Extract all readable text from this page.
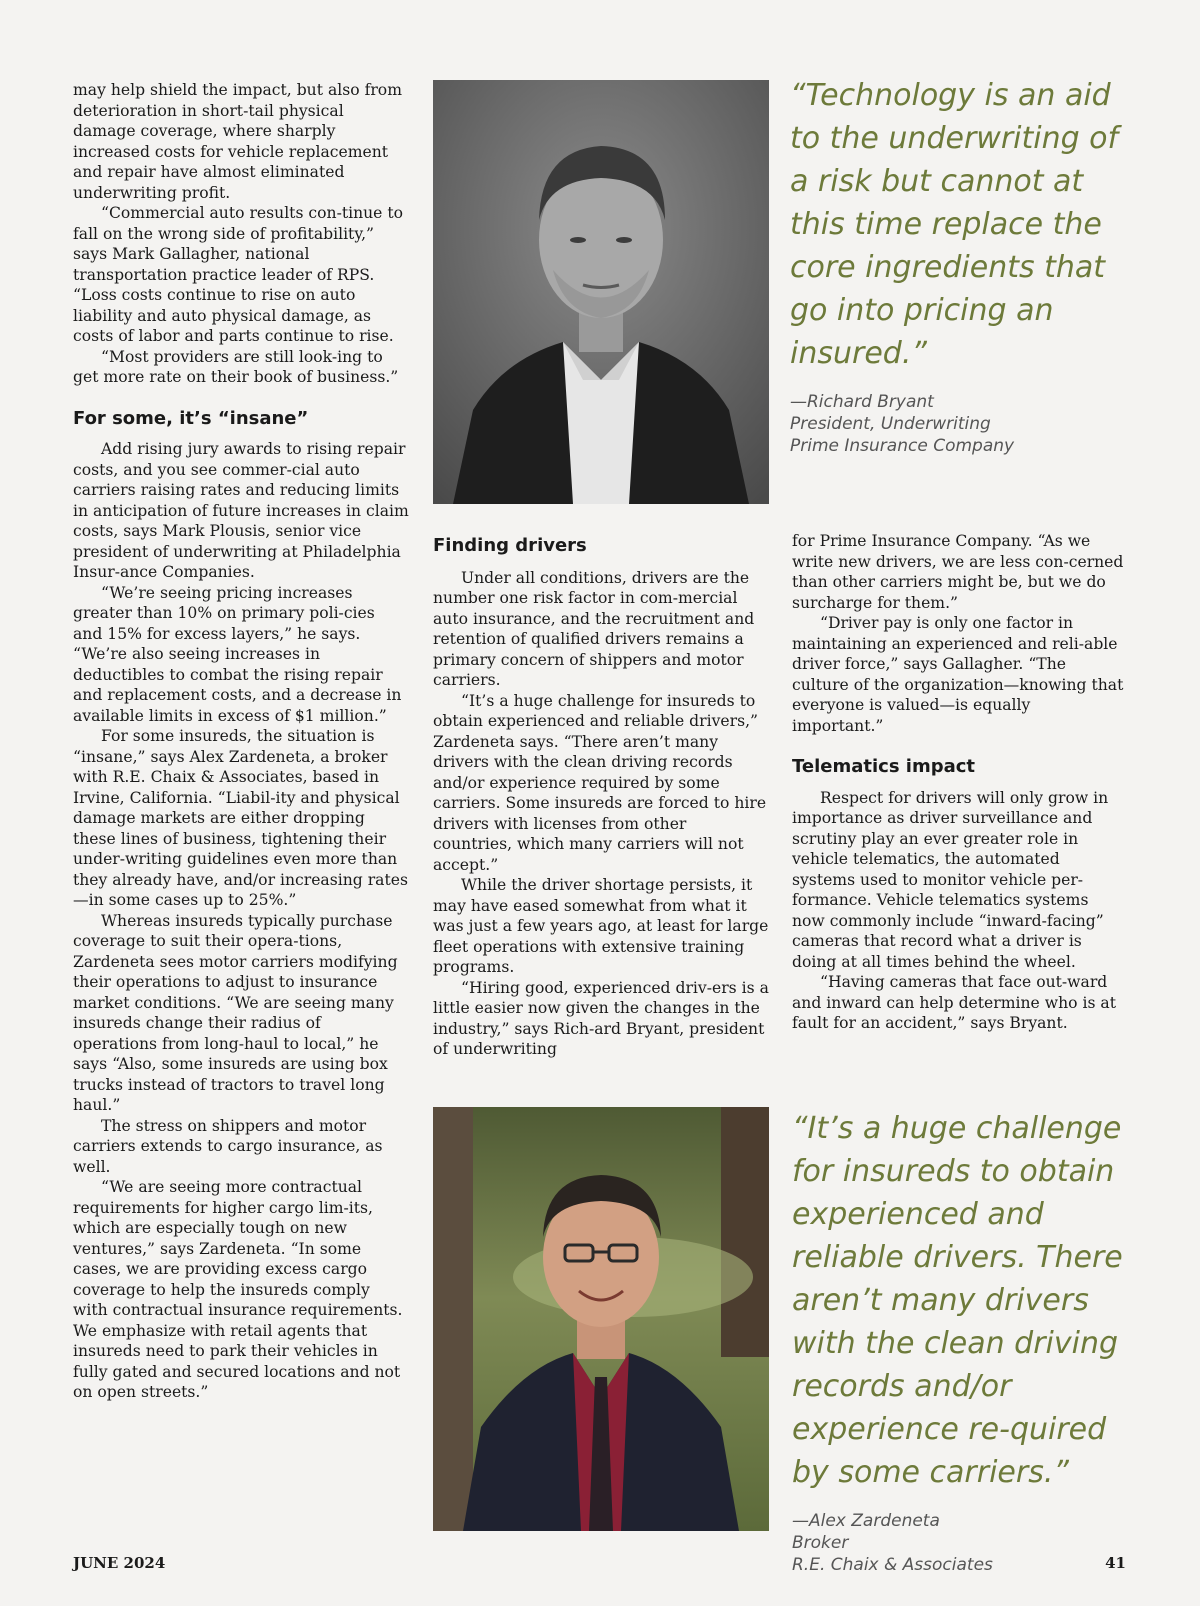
may help shield the impact, but also from deterioration in short-tail physical damage coverage, where sharply increased costs for vehicle replacement and repair have almost eliminated underwriting profit.

“Commercial auto results con-tinue to fall on the wrong side of profitability,” says Mark Gallagher, national transportation practice leader of RPS. “Loss costs continue to rise on auto liability and auto physical damage, as costs of labor and parts continue to rise.

“Most providers are still look-ing to get more rate on their book of business.”

For some, it’s “insane”

Add rising jury awards to rising repair costs, and you see commer-cial auto carriers raising rates and reducing limits in anticipation of future increases in claim costs, says Mark Plousis, senior vice president of underwriting at Philadelphia Insur-ance Companies.

“We’re seeing pricing increases greater than 10% on primary poli-cies and 15% for excess layers,” he says. “We’re also seeing increases in deductibles to combat the rising repair and replacement costs, and a decrease in available limits in excess of $1 million.”

For some insureds, the situation is “insane,” says Alex Zardeneta, a broker with R.E. Chaix & Associates, based in Irvine, California. “Liabil-ity and physical damage markets are either dropping these lines of business, tightening their under-writing guidelines even more than they already have, and/or increasing rates—in some cases up to 25%.”

Whereas insureds typically purchase coverage to suit their opera-tions, Zardeneta sees motor carriers modifying their operations to adjust to insurance market conditions. “We are seeing many insureds change their radius of operations from long-haul to local,” he says “Also, some insureds are using box trucks instead of tractors to travel long haul.”

The stress on shippers and motor carriers extends to cargo insurance, as well.

“We are seeing more contractual requirements for higher cargo lim-its, which are especially tough on new ventures,” says Zardeneta. “In some cases, we are providing excess cargo coverage to help the insureds comply with contractual insurance requirements. We emphasize with retail agents that insureds need to park their vehicles in fully gated and secured locations and not on open streets.”

“Technology is an aid to the underwriting of a risk but cannot at this time replace the core ingredients that go into pricing an insured.”

—Richard Bryant

President, Underwriting

Prime Insurance Company

Finding drivers

Under all conditions, drivers are the number one risk factor in com-mercial auto insurance, and the recruitment and retention of qualified drivers remains a primary concern of shippers and motor carriers.

“It’s a huge challenge for insureds to obtain experienced and reliable drivers,” Zardeneta says. “There aren’t many drivers with the clean driving records and/or experience required by some carriers. Some insureds are forced to hire drivers with licenses from other countries, which many carriers will not accept.”

While the driver shortage persists, it may have eased somewhat from what it was just a few years ago, at least for large fleet operations with extensive training programs.

“Hiring good, experienced driv-ers is a little easier now given the changes in the industry,” says Rich-ard Bryant, president of underwriting

for Prime Insurance Company. “As we write new drivers, we are less con-cerned than other carriers might be, but we do surcharge for them.”

“Driver pay is only one factor in maintaining an experienced and reli-able driver force,” says Gallagher. “The culture of the organization—knowing that everyone is valued—is equally important.”

Telematics impact

Respect for drivers will only grow in importance as driver surveillance and scrutiny play an ever greater role in vehicle telematics, the automated systems used to monitor vehicle per-formance. Vehicle telematics systems now commonly include “inward-facing” cameras that record what a driver is doing at all times behind the wheel.

“Having cameras that face out-ward and inward can help determine who is at fault for an accident,” says Bryant.

“It’s a huge challenge for insureds to obtain experienced and reliable drivers. There aren’t many drivers with the clean driving records and/or experience re-quired by some carriers.”

—Alex Zardeneta

Broker

R.E. Chaix & Associates

JUNE 2024	41
